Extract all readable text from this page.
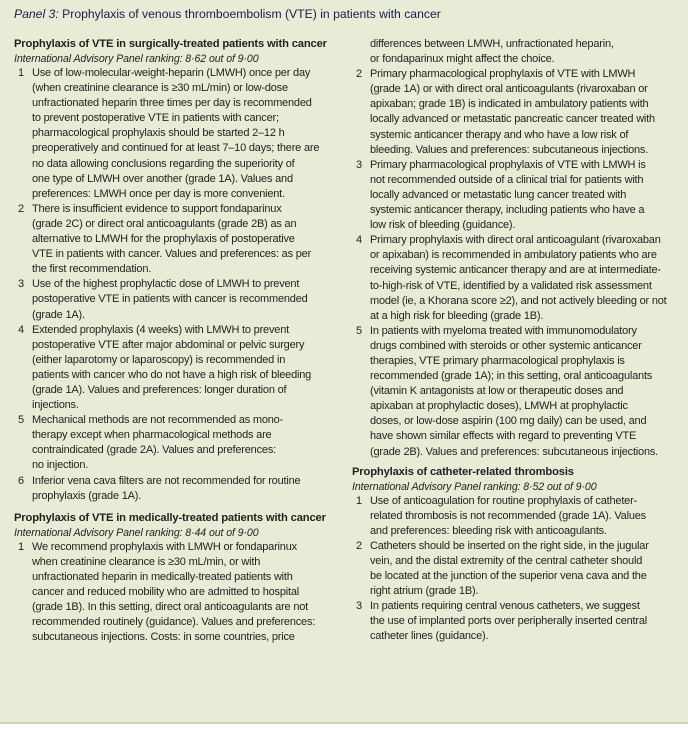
Panel 3: Prophylaxis of venous thromboembolism (VTE) in patients with cancer
Prophylaxis of VTE in surgically-treated patients with cancer
International Advisory Panel ranking: 8·62 out of 9·00
1 Use of low-molecular-weight-heparin (LMWH) once per day
(when creatinine clearance is ≥30 mL/min) or low-dose
unfractionated heparin three times per day is recommended
to prevent postoperative VTE in patients with cancer;
pharmacological prophylaxis should be started 2–12 h
preoperatively and continued for at least 7–10 days; there are
no data allowing conclusions regarding the superiority of
one type of LMWH over another (grade 1A). Values and
preferences: LMWH once per day is more convenient.
2 There is insufficient evidence to support fondaparinux
(grade 2C) or direct oral anticoagulants (grade 2B) as an
alternative to LMWH for the prophylaxis of postoperative
VTE in patients with cancer. Values and preferences: as per
the first recommendation.
3 Use of the highest prophylactic dose of LMWH to prevent
postoperative VTE in patients with cancer is recommended
(grade 1A).
4 Extended prophylaxis (4 weeks) with LMWH to prevent
postoperative VTE after major abdominal or pelvic surgery
(either laparotomy or laparoscopy) is recommended in
patients with cancer who do not have a high risk of bleeding
(grade 1A). Values and preferences: longer duration of
injections.
5 Mechanical methods are not recommended as mono-
therapy except when pharmacological methods are
contraindicated (grade 2A). Values and preferences:
no injection.
6 Inferior vena cava filters are not recommended for routine
prophylaxis (grade 1A).
Prophylaxis of VTE in medically-treated patients with cancer
International Advisory Panel ranking: 8·44 out of 9·00
1 We recommend prophylaxis with LMWH or fondaparinux
when creatinine clearance is ≥30 mL/min, or with
unfractionated heparin in medically-treated patients with
cancer and reduced mobility who are admitted to hospital
(grade 1B). In this setting, direct oral anticoagulants are not
recommended routinely (guidance). Values and preferences:
subcutaneous injections. Costs: in some countries, price
differences between LMWH, unfractionated heparin,
or fondaparinux might affect the choice.
2 Primary pharmacological prophylaxis of VTE with LMWH
(grade 1A) or with direct oral anticoagulants (rivaroxaban or
apixaban; grade 1B) is indicated in ambulatory patients with
locally advanced or metastatic pancreatic cancer treated with
systemic anticancer therapy and who have a low risk of
bleeding. Values and preferences: subcutaneous injections.
3 Primary pharmacological prophylaxis of VTE with LMWH is
not recommended outside of a clinical trial for patients with
locally advanced or metastatic lung cancer treated with
systemic anticancer therapy, including patients who have a
low risk of bleeding (guidance).
4 Primary prophylaxis with direct oral anticoagulant (rivaroxaban
or apixaban) is recommended in ambulatory patients who are
receiving systemic anticancer therapy and are at intermediate-
to-high-risk of VTE, identified by a validated risk assessment
model (ie, a Khorana score ≥2), and not actively bleeding or not
at a high risk for bleeding (grade 1B).
5 In patients with myeloma treated with immunomodulatory
drugs combined with steroids or other systemic anticancer
therapies, VTE primary pharmacological prophylaxis is
recommended (grade 1A); in this setting, oral anticoagulants
(vitamin K antagonists at low or therapeutic doses and
apixaban at prophylactic doses), LMWH at prophylactic
doses, or low-dose aspirin (100 mg daily) can be used, and
have shown similar effects with regard to preventing VTE
(grade 2B). Values and preferences: subcutaneous injections.
Prophylaxis of catheter-related thrombosis
International Advisory Panel ranking: 8·52 out of 9·00
1 Use of anticoagulation for routine prophylaxis of catheter-
related thrombosis is not recommended (grade 1A). Values
and preferences: bleeding risk with anticoagulants.
2 Catheters should be inserted on the right side, in the jugular
vein, and the distal extremity of the central catheter should
be located at the junction of the superior vena cava and the
right atrium (grade 1B).
3 In patients requiring central venous catheters, we suggest
the use of implanted ports over peripherally inserted central
catheter lines (guidance).
